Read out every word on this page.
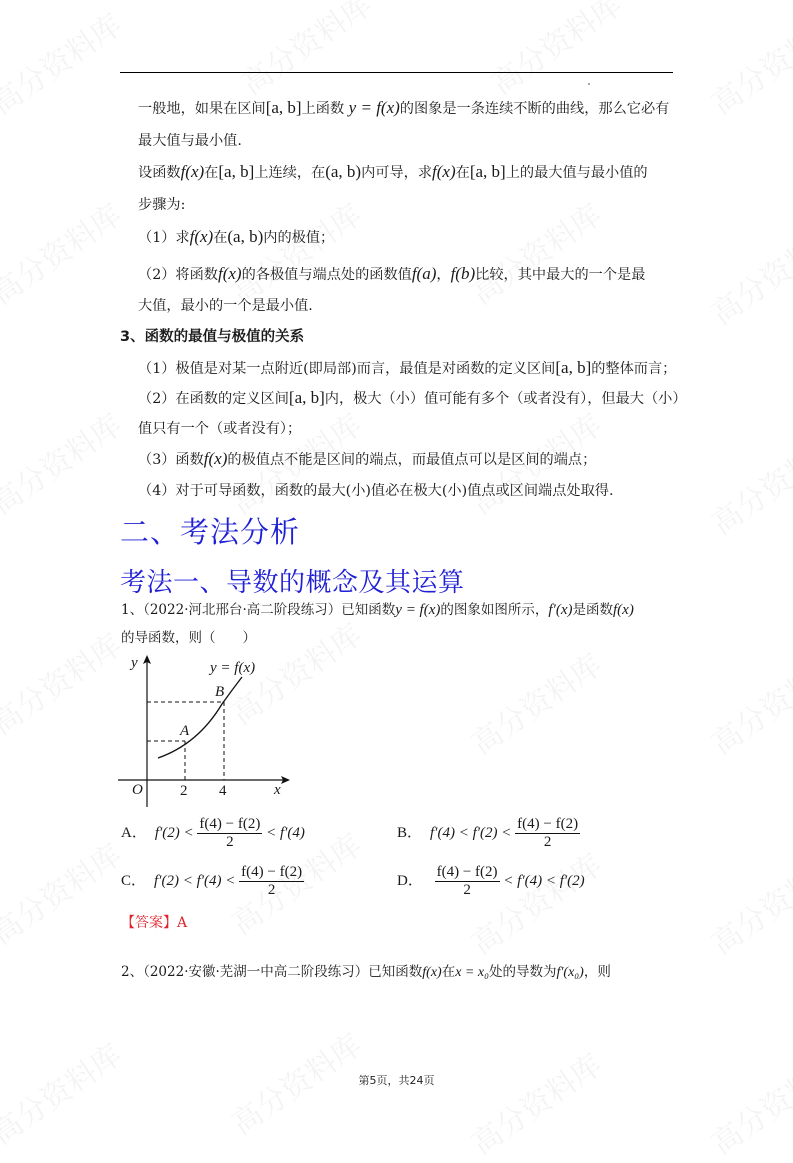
一般地，如果在区间[a, b]上函数 y = f(x)的图象是一条连续不断的曲线，那么它必有
最大值与最小值.
设函数f(x)在[a, b]上连续，在(a, b)内可导，求f(x)在[a, b]上的最大值与最小值的
步骤为:
（1）求f(x)在(a, b)内的极值；
（2）将函数f(x)的各极值与端点处的函数值f(a)，f(b)比较，其中最大的一个是最
大值，最小的一个是最小值.
3、函数的最值与极值的关系
（1）极值是对某一点附近(即局部)而言，最值是对函数的定义区间[a, b]的整体而言；
（2）在函数的定义区间[a, b]内，极大（小）值可能有多个（或者没有），但最大（小）
值只有一个（或者没有）；
（3）函数f(x)的极值点不能是区间的端点，而最值点可以是区间的端点；
（4）对于可导函数，函数的最大(小)值必在极大(小)值点或区间端点处取得.
二、考法分析
考法一、导数的概念及其运算
1、（2022·河北邢台·高二阶段练习）已知函数y = f(x)的图象如图所示，f′(x)是函数f(x)
的导函数，则（　　）
y
x
O 2 4
A
B
y = f(x)
A． $f'(2) < \frac{f(4) - f(2)}{2} < f'(4)$	B． $f'(4) < f'(2) < \frac{f(4) - f(2)}{2}$
C． $f'(2) < f'(4) < \frac{f(4) - f(2)}{2}$	D． $\frac{f(4) - f(2)}{2} < f'(4) < f'(2)$
【答案】A
2、（2022·安徽·芜湖一中高二阶段练习）已知函数f(x)在x = x₀处的导数为f′(x₀)，则
第5页，共24页
